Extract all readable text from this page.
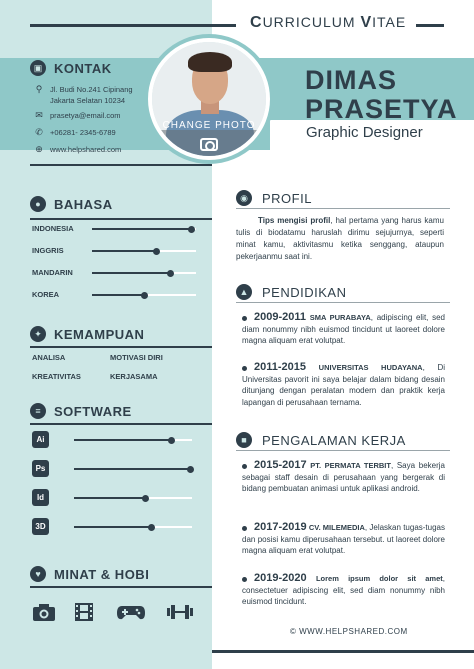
CURRICULUM VITAE
DIMAS
PRASETYA
Graphic Designer
CHANGE PHOTO
▣ KONTAK
⚲ Jl. Budi No.241 Cipinang
Jakarta Selatan 10234
✉ prasetya@email.com
✆ +06281- 2345-6789
⊕ www.helpshared.com
●	BAHASA
INDONESIA
INGGRIS
MANDARIN
KOREA
✦ KEMAMPUAN
ANALISA	MOTIVASI DIRI
KREATIVITAS	KERJASAMA
≡	SOFTWARE
Ai
Ps
Id
3D
♥	MINAT & HOBI
◉	PROFIL
Tips mengisi profil, hal pertama yang harus kamu tulis di biodatamu haruslah dirimu sejujurnya, seperti minat kamu, aktivitasmu ketika senggang, ataupun pekerjaanmu saat ini.
▲ PENDIDIKAN
2009-2011 SMA PURABAYA, adipiscing elit, sed diam nonummy nibh euismod tincidunt ut laoreet dolore magna aliquam erat volutpat.
2011-2015 UNIVERSITAS HUDAYANA, Di Universitas pavorit ini saya belajar dalam bidang desain ditunjang dengan peralatan modern dan praktik kerja lapangan di perusahaan ternama.
■	PENGALAMAN KERJA
2015-2017 PT. PERMATA TERBIT, Saya bekerja sebagai staff desain di perusahaan yang bergerak di bidang pembuatan animasi untuk aplikasi android.
2017-2019 CV. MILEMEDIA, Jelaskan tugas-tugas dan posisi kamu diperusahaan tersebut. ut laoreet dolore magna aliquam erat volutpat.
2019-2020 Lorem ipsum dolor sit amet, consectetuer adipiscing elit, sed diam nonummy nibh euismod tincidunt.
© WWW.HELPSHARED.COM
